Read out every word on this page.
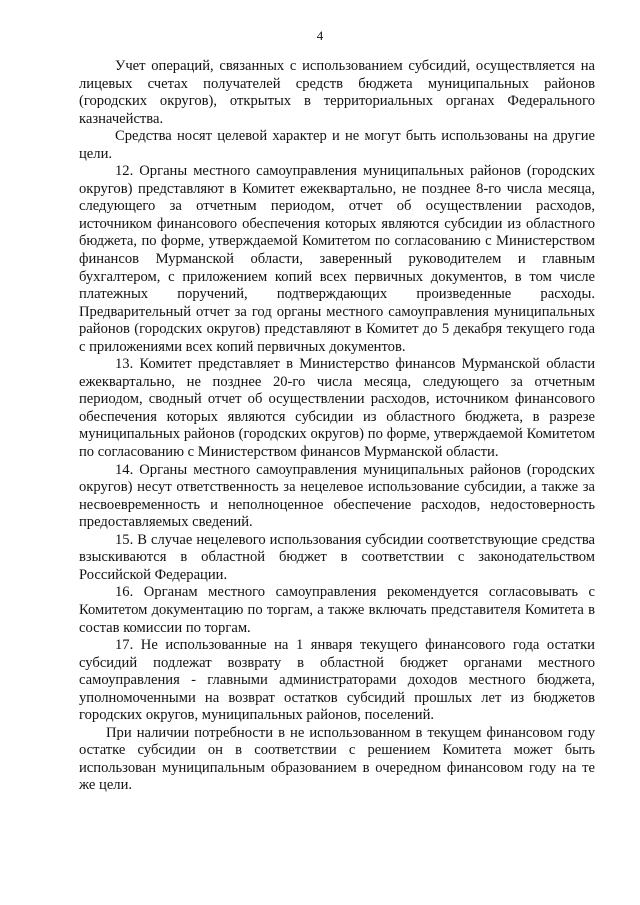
4

Учет операций, связанных с использованием субсидий, осуществляется на лицевых счетах получателей средств бюджета муниципальных районов (городских округов), открытых в территориальных органах Федерального казначейства.

Средства носят целевой характер и не могут быть использованы на другие цели.

12. Органы местного самоуправления муниципальных районов (городских округов) представляют в Комитет ежеквартально, не позднее 8-го числа месяца, следующего за отчетным периодом, отчет об осуществлении расходов, источником финансового обеспечения которых являются субсидии из областного бюджета, по форме, утверждаемой Комитетом по согласованию с Министерством финансов Мурманской области, заверенный руководителем и главным бухгалтером, с приложением копий всех первичных документов, в том числе платежных поручений, подтверждающих произведенные расходы. Предварительный отчет за год органы местного самоуправления муниципальных районов (городских округов) представляют в Комитет до 5 декабря текущего года с приложениями всех копий первичных документов.

13. Комитет представляет в Министерство финансов Мурманской области ежеквартально, не позднее 20-го числа месяца, следующего за отчетным периодом, сводный отчет об осуществлении расходов, источником финансового обеспечения которых являются субсидии из областного бюджета, в разрезе муниципальных районов (городских округов) по форме, утверждаемой Комитетом по согласованию с Министерством финансов Мурманской области.

14. Органы местного самоуправления муниципальных районов (городских округов) несут ответственность за нецелевое использование субсидии, а также за несвоевременность и неполноценное обеспечение расходов, недостоверность предоставляемых сведений.

15. В случае нецелевого использования субсидии соответствующие средства взыскиваются в областной бюджет в соответствии с законодательством Российской Федерации.

16. Органам местного самоуправления рекомендуется согласовывать с Комитетом документацию по торгам, а также включать представителя Комитета в состав комиссии по торгам.

17. Не использованные на 1 января текущего финансового года остатки субсидий подлежат возврату в областной бюджет органами местного самоуправления - главными администраторами доходов местного бюджета, уполномоченными на возврат остатков субсидий прошлых лет из бюджетов городских округов, муниципальных районов, поселений.

При наличии потребности в не использованном в текущем финансовом году остатке субсидии он в соответствии с решением Комитета может быть использован муниципальным образованием в очередном финансовом году на те же цели.
